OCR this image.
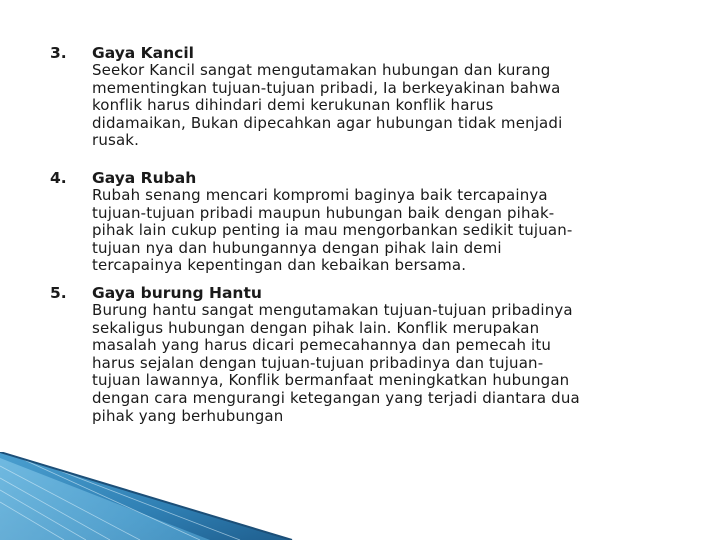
3.	Gaya Kancil
Seekor Kancil sangat mengutamakan hubungan dan kurang
mementingkan tujuan-tujuan pribadi, Ia berkeyakinan bahwa
konflik harus dihindari demi kerukunan konflik harus
didamaikan, Bukan dipecahkan agar hubungan tidak menjadi
rusak.
4.	Gaya Rubah
Rubah senang mencari kompromi baginya baik tercapainya
tujuan-tujuan pribadi maupun hubungan baik dengan pihak-
pihak lain cukup penting ia mau mengorbankan sedikit tujuan-
tujuan nya dan hubungannya dengan pihak lain demi
tercapainya kepentingan dan kebaikan bersama.
5.	Gaya burung Hantu
Burung hantu sangat mengutamakan tujuan-tujuan pribadinya
sekaligus hubungan dengan pihak lain. Konflik merupakan
masalah yang harus dicari pemecahannya dan pemecah itu
harus sejalan dengan tujuan-tujuan pribadinya dan tujuan-
tujuan lawannya, Konflik bermanfaat meningkatkan hubungan
dengan cara mengurangi ketegangan yang terjadi diantara dua
pihak yang berhubungan
